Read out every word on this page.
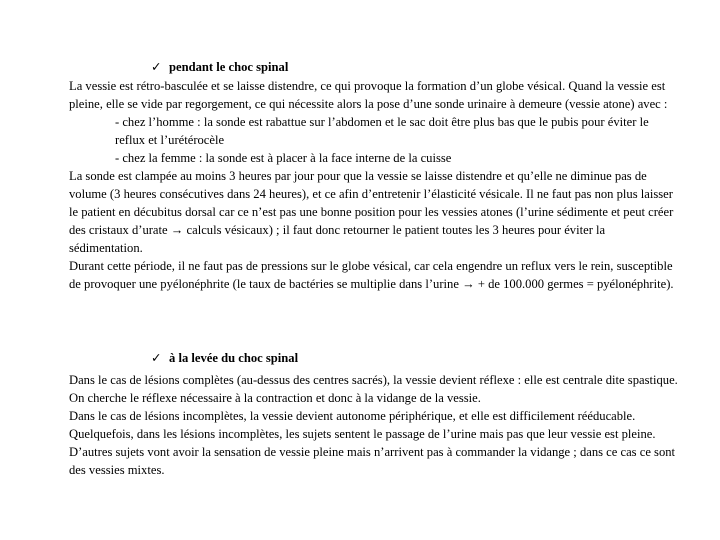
✓ pendant le choc spinal

La vessie est rétro-basculée et se laisse distendre, ce qui provoque la formation d’un globe vésical. Quand la vessie est pleine, elle se vide par regorgement, ce qui nécessite alors la pose d’une sonde urinaire à demeure (vessie atone) avec :

- chez l’homme : la sonde est rabattue sur l’abdomen et le sac doit être plus bas que le pubis pour éviter le reflux et l’urétérocèle

- chez la femme : la sonde est à placer à la face interne de la cuisse

La sonde est clampée au moins 3 heures par jour pour que la vessie se laisse distendre et qu’elle ne diminue pas de volume (3 heures consécutives dans 24 heures), et ce afin d’entretenir l’élasticité vésicale. Il ne faut pas non plus laisser le patient en décubitus dorsal car ce n’est pas une bonne position pour les vessies atones (l’urine sédimente et peut créer des cristaux d’urate → calculs vésicaux) ; il faut donc retourner le patient toutes les 3 heures pour éviter la sédimentation.

Durant cette période, il ne faut pas de pressions sur le globe vésical, car cela engendre un reflux vers le rein, susceptible de provoquer une pyélonéphrite (le taux de bactéries se multiplie dans l’urine → + de 100.000 germes = pyélonéphrite).

✓ à la levée du choc spinal

Dans le cas de lésions complètes (au-dessus des centres sacrés), la vessie devient réflexe : elle est centrale dite spastique. On cherche le réflexe nécessaire à la contraction et donc à la vidange de la vessie.

Dans le cas de lésions incomplètes, la vessie devient autonome périphérique, et elle est difficilement rééducable. Quelquefois, dans les lésions incomplètes, les sujets sentent le passage de l’urine mais pas que leur vessie est pleine. D’autres sujets vont avoir la sensation de vessie pleine mais n’arrivent pas à commander la vidange ; dans ce cas ce sont des vessies mixtes.
